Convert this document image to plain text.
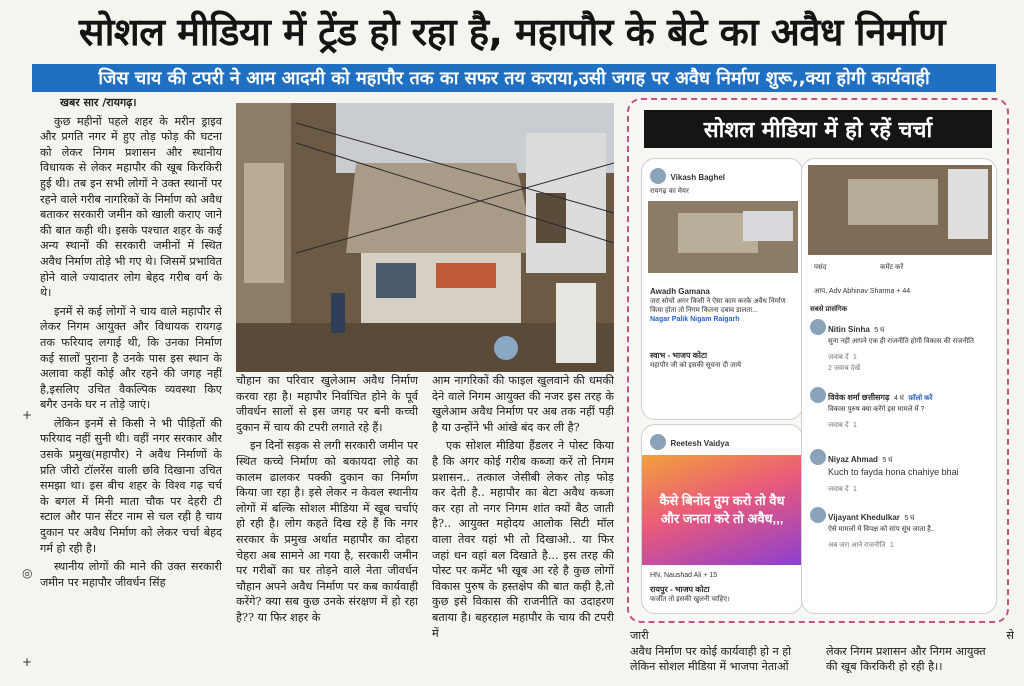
सोशल मीडिया में ट्रेंड हो रहा है, महापौर के बेटे का अवैध निर्माण
जिस चाय की टपरी ने आम आदमी को महापौर तक का सफर तय कराया,उसी जगह पर अवैध निर्माण शुरू,,क्या होगी कार्यवाही

खबर सार /रायगढ़।

कुछ महीनों पहले शहर के मरीन ड्राइव और प्रगति नगर में हुए तोड़ फोड़ की घटना को लेकर निगम प्रशासन और स्थानीय विधायक से लेकर महापौर की खूब किरकिरी हुई थी। तब इन सभी लोगों ने उक्त स्थानों पर रहने वाले गरीब नागरिकों के निर्माण को अवैध बताकर सरकारी जमीन को खाली कराए जाने की बात कही थी। इसके पश्चात शहर के कई अन्य स्थानों की सरकारी जमीनों में स्थित अवैध निर्माण तोड़े भी गए थे। जिसमें प्रभावित होने वाले ज्यादातर लोग बेहद गरीब वर्ग के थे।

इनमें से कई लोगों ने चाय वाले महापौर से लेकर निगम आयुक्त और विधायक रायगढ़ तक फरियाद लगाई थी, कि उनका निर्माण कई सालों पुराना है उनके पास इस स्थान के अलावा कहीं कोई और रहने की जगह नहीं है,इसलिए उचित वैकल्पिक व्यवस्था किए बगैर उनके घर न तोड़े जाएं।

लेकिन इनमें से किसी ने भी पीड़ितों की फरियाद नहीं सुनी थी। वहीं नगर सरकार और उसके प्रमुख(महापौर) ने अवैध निर्माणों के प्रति जीरो टॉलरेंस वाली छवि दिखाना उचित समझा था। इस बीच शहर के विश्व गढ़ चर्च के बगल में मिनी माता चौक पर देहरी टी स्टाल और पान सेंटर नाम से चल रही है चाय दुकान पर अवैध निर्माण को लेकर चर्चा बेहद गर्म हो रही है।

स्थानीय लोगों की माने की उक्त सरकारी जमीन पर महापौर जीवर्धन सिंह

चौहान का परिवार खुलेआम अवैध निर्माण करवा रहा है। महापौर निर्वाचित होने के पूर्व जीवर्धन सालों से इस जगह पर बनी कच्ची दुकान में चाय की टपरी लगाते रहे हैं।

इन दिनों सड़क से लगी सरकारी जमीन पर स्थित कच्चे निर्माण को बकायदा लोहे का कालम ढालकर पक्की दुकान का निर्माण किया जा रहा है। इसे लेकर न केवल स्थानीय लोगों में बल्कि सोशल मीडिया में खूब चर्चाएं हो रही है। लोग कहते दिख रहे हैं कि नगर सरकार के प्रमुख अर्थात महापौर का दोहरा चेहरा अब सामने आ गया है, सरकारी जमीन पर गरीबों का घर तोड़ने वाले नेता जीवर्धन चौहान अपने अवैध निर्माण पर कब कार्यवाही करेंगे? क्या सब कुछ उनके संरक्षण में हो रहा है?? या फिर शहर के

आम नागरिकों की फाइल खुलवाने की धमकी देने वाले निगम आयुक्त की नजर इस तरह के खुलेआम अवैध निर्माण पर अब तक नहीं पड़ी है या उन्होंने भी आंखे बंद कर ली है?

एक सोशल मीडिया हैंडलर ने पोस्ट किया है कि अगर कोई गरीब कब्जा करें तो निगम प्रशासन.. तत्काल जेसीबी लेकर तोड़ फोड़ कर देती है.. महापौर का बेटा अवैध कब्जा कर रहा तो नगर निगम शांत क्यों बैठ जाती है?.. आयुक्त महोदय आलोक सिटी मॉल वाला तेवर यहां भी तो दिखाओ.. या फिर जहां धन वहां बल दिखाते है... इस तरह की पोस्ट पर कमेंट भी खूब आ रहे है कुछ लोगों विकास पुरुष के हस्तक्षेप की बात कही है,तो कुछ इसे विकास की राजनीति का उदाहरण बताया है। बहरहाल महापौर के चाय की टपरी में

सोशल मीडिया में हो रहें चर्चा
Vikash Baghel
रायगढ़ का मेयर
Awadh Gamana
जरा सोचो अगर किसी ने ऐसा काम करके अवैध निर्माण किया होता तो निगम कितना दबाव डालता...
Nagar Palik Nigam Raigarh
स्वाभ - भाजप कोटा
महापौर जी को इसकी सूचना दी जाये
Reetesh Vaidya
कैसे बिनोद तुम करो तो वैध और जनता करे तो अवैध,,,
HN, Naushad Ali + 15
रायपुर - भाजप कोटा
फर्जीत तो इसकी खुलनी चाहिए।
पसंद	कमेंट करें
आप, Adv Abhinav Sharma + 44
सबसे प्रासंगिक
Nitin Sinha 5 घं
सुना नहीं आपने एक ही राजनीति होगी विकास की राजनीति
जवाब दें 1
2 जवाब देखें
विवेक शर्मा छत्तीसगढ़ 4 घं फ़ॉलो करें
विकास पुरुष क्या करेंगे इस मामले में ?
जवाब दें 1
Niyaz Ahmad 5 घं
Kuch to fayda hona chahiye bhai
जवाब दें 1
Vijayant Khedulkar 5 घं
ऐसे मामलों में विपक्ष को सांप सूंघ जाता है..
अब जरा आने राजनीति 1
जारी
अवैध निर्माण पर कोई कार्यवाही हो न हो
लेकिन सोशल मीडिया में भाजपा नेताओं
से
लेकर निगम प्रशासन और निगम आयुक्त
की खूब किरकिरी हो रही है।।
◎
+
+
